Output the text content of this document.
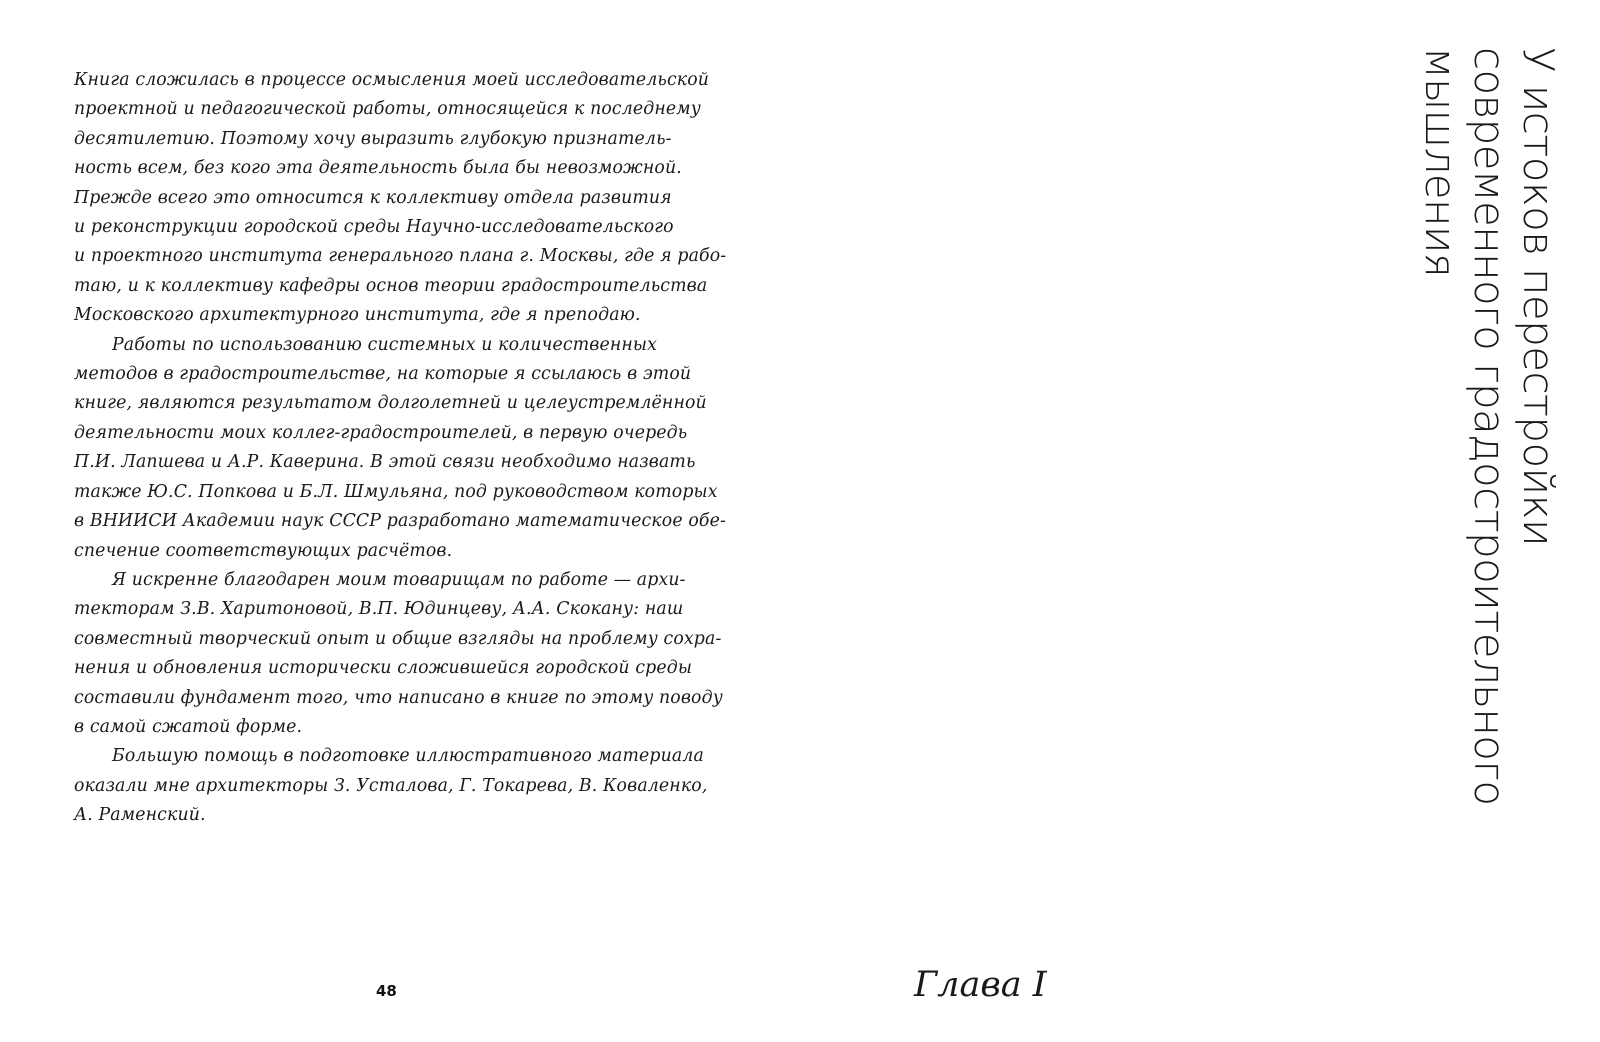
Книга сложилась в процессе осмысления моей исследовательской
проектной и педагогической работы, относящейся к последнему
десятилетию. Поэтому хочу выразить глубокую признатель-
ность всем, без кого эта деятельность была бы невозможной.
Прежде всего это относится к коллективу отдела развития
и реконструкции городской среды Научно-исследовательского
и проектного института генерального плана г. Москвы, где я рабо-
таю, и к коллективу кафедры основ теории градостроительства
Московского архитектурного института, где я преподаю.
Работы по использованию системных и количественных
методов в градостроительстве, на которые я ссылаюсь в этой
книге, являются результатом долголетней и целеустремлённой
деятельности моих коллег-градостроителей, в первую очередь
П.И. Лапшева и А.Р. Каверина. В этой связи необходимо назвать
также Ю.С. Попкова и Б.Л. Шмульяна, под руководством которых
в ВНИИСИ Академии наук СССР разработано математическое обе-
спечение соответствующих расчётов.
Я искренне благодарен моим товарищам по работе — архи-
текторам З.В. Харитоновой, В.П. Юдинцеву, А.А. Скокану: наш
совместный творческий опыт и общие взгляды на проблему сохра-
нения и обновления исторически сложившейся городской среды
составили фундамент того, что написано в книге по этому поводу
в самой сжатой форме.
Большую помощь в подготовке иллюстративного материала
оказали мне архитекторы З. Усталова, Г. Токарева, В. Коваленко,
А. Раменский.
48
У истоков перестройки
современного градостроительного
мышления
Глава I
